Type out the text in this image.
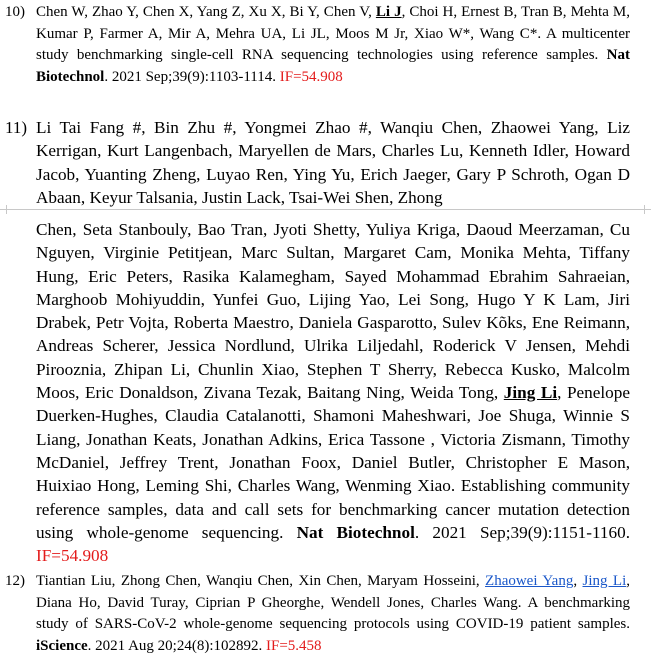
10) Chen W, Zhao Y, Chen X, Yang Z, Xu X, Bi Y, Chen V, Li J, Choi H, Ernest B, Tran B, Mehta M, Kumar P, Farmer A, Mir A, Mehra UA, Li JL, Moos M Jr, Xiao W*, Wang C*. A multicenter study benchmarking single-cell RNA sequencing technologies using reference samples. Nat Biotechnol. 2021 Sep;39(9):1103-1114. IF=54.908
11) Li Tai Fang #, Bin Zhu #, Yongmei Zhao #, Wanqiu Chen, Zhaowei Yang, Liz Kerrigan, Kurt Langenbach, Maryellen de Mars, Charles Lu, Kenneth Idler, Howard Jacob, Yuanting Zheng, Luyao Ren, Ying Yu, Erich Jaeger, Gary P Schroth, Ogan D Abaan, Keyur Talsania, Justin Lack, Tsai-Wei Shen, Zhong
Chen, Seta Stanbouly, Bao Tran, Jyoti Shetty, Yuliya Kriga, Daoud Meerzaman, Cu Nguyen, Virginie Petitjean, Marc Sultan, Margaret Cam, Monika Mehta, Tiffany Hung, Eric Peters, Rasika Kalamegham, Sayed Mohammad Ebrahim Sahraeian, Marghoob Mohiyuddin, Yunfei Guo, Lijing Yao, Lei Song, Hugo Y K Lam, Jiri Drabek, Petr Vojta, Roberta Maestro, Daniela Gasparotto, Sulev Kõks, Ene Reimann, Andreas Scherer, Jessica Nordlund, Ulrika Liljedahl, Roderick V Jensen, Mehdi Pirooznia, Zhipan Li, Chunlin Xiao, Stephen T Sherry, Rebecca Kusko, Malcolm Moos, Eric Donaldson, Zivana Tezak, Baitang Ning, Weida Tong, Jing Li, Penelope Duerken-Hughes, Claudia Catalanotti, Shamoni Maheshwari, Joe Shuga, Winnie S Liang, Jonathan Keats, Jonathan Adkins, Erica Tassone , Victoria Zismann, Timothy McDaniel, Jeffrey Trent, Jonathan Foox, Daniel Butler, Christopher E Mason, Huixiao Hong, Leming Shi, Charles Wang, Wenming Xiao. Establishing community reference samples, data and call sets for benchmarking cancer mutation detection using whole-genome sequencing. Nat Biotechnol. 2021 Sep;39(9):1151-1160. IF=54.908
12) Tiantian Liu, Zhong Chen, Wanqiu Chen, Xin Chen, Maryam Hosseini, Zhaowei Yang, Jing Li, Diana Ho, David Turay, Ciprian P Gheorghe, Wendell Jones, Charles Wang. A benchmarking study of SARS-CoV-2 whole-genome sequencing protocols using COVID-19 patient samples. iScience. 2021 Aug 20;24(8):102892. IF=5.458
